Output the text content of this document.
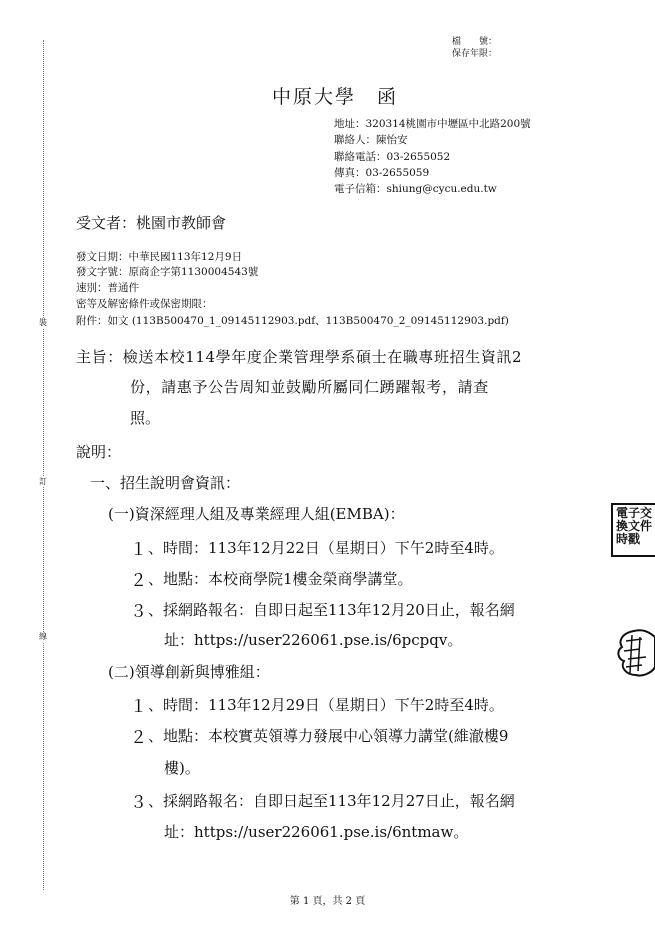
裝
訂
線
檔　　號：
保存年限：
中原大學　函
地址：320314桃園市中壢區中北路200號
聯絡人：陳怡安
聯絡電話：03-2655052
傳真：03-2655059
電子信箱：shiung@cycu.edu.tw
受文者：桃園市教師會
發文日期：中華民國113年12月9日
發文字號：原商企字第1130004543號
速別：普通件
密等及解密條件或保密期限：
附件：如文 (113B500470_1_09145112903.pdf、113B500470_2_09145112903.pdf)
主旨：檢送本校114學年度企業管理學系碩士在職專班招生資訊2
份，請惠予公告周知並鼓勵所屬同仁踴躍報考，請查
照。
說明：
一、招生說明會資訊：
(一)資深經理人組及專業經理人組(EMBA)：
１ 、時間：113年12月22日（星期日）下午2時至4時。
２ 、地點：本校商學院1樓金榮商學講堂。
３ 、採網路報名：自即日起至113年12月20日止，報名網
址：https://user226061.pse.is/6pcpqv。
(二)領導創新與博雅組：
１ 、時間：113年12月29日（星期日）下午2時至4時。
２ 、地點：本校實英領導力發展中心領導力講堂(維澈樓9
樓)。
３ 、採網路報名：自即日起至113年12月27日止，報名網
址：https://user226061.pse.is/6ntmaw。
電子交換文件時戳
第 1 頁，共 2 頁
